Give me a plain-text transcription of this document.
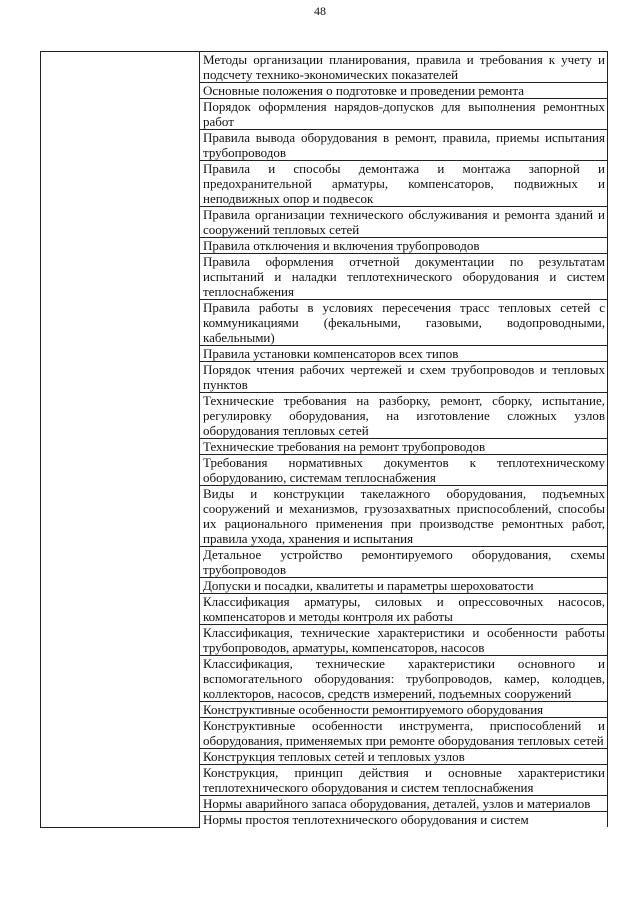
48
	Методы организации планирования, правила и требования к учету и подсчету технико-экономических показателей
Основные положения о подготовке и проведении ремонта
Порядок оформления нарядов-допусков для выполнения ремонтных работ
Правила вывода оборудования в ремонт, правила, приемы испытания трубопроводов
Правила и способы демонтажа и монтажа запорной и предохранительной арматуры, компенсаторов, подвижных и неподвижных опор и подвесок
Правила организации технического обслуживания и ремонта зданий и сооружений тепловых сетей
Правила отключения и включения трубопроводов
Правила оформления отчетной документации по результатам испытаний и наладки теплотехнического оборудования и систем теплоснабжения
Правила работы в условиях пересечения трасс тепловых сетей с коммуникациями (фекальными, газовыми, водопроводными, кабельными)
Правила установки компенсаторов всех типов
Порядок чтения рабочих чертежей и схем трубопроводов и тепловых пунктов
Технические требования на разборку, ремонт, сборку, испытание, регулировку оборудования, на изготовление сложных узлов оборудования тепловых сетей
Технические требования на ремонт трубопроводов
Требования нормативных документов к теплотехническому оборудованию, системам теплоснабжения
Виды и конструкции такелажного оборудования, подъемных сооружений и механизмов, грузозахватных приспособлений, способы их рационального применения при производстве ремонтных работ, правила ухода, хранения и испытания
Детальное устройство ремонтируемого оборудования, схемы трубопроводов
Допуски и посадки, квалитеты и параметры шероховатости
Классификация арматуры, силовых и опрессовочных насосов, компенсаторов и методы контроля их работы
Классификация, технические характеристики и особенности работы трубопроводов, арматуры, компенсаторов, насосов
Классификация, технические характеристики основного и вспомогательного оборудования: трубопроводов, камер, колодцев, коллекторов, насосов, средств измерений, подъемных сооружений
Конструктивные особенности ремонтируемого оборудования
Конструктивные особенности инструмента, приспособлений и оборудования, применяемых при ремонте оборудования тепловых сетей
Конструкция тепловых сетей и тепловых узлов
Конструкция, принцип действия и основные характеристики теплотехнического оборудования и систем теплоснабжения
Нормы аварийного запаса оборудования, деталей, узлов и материалов
Нормы простоя теплотехнического оборудования и систем
